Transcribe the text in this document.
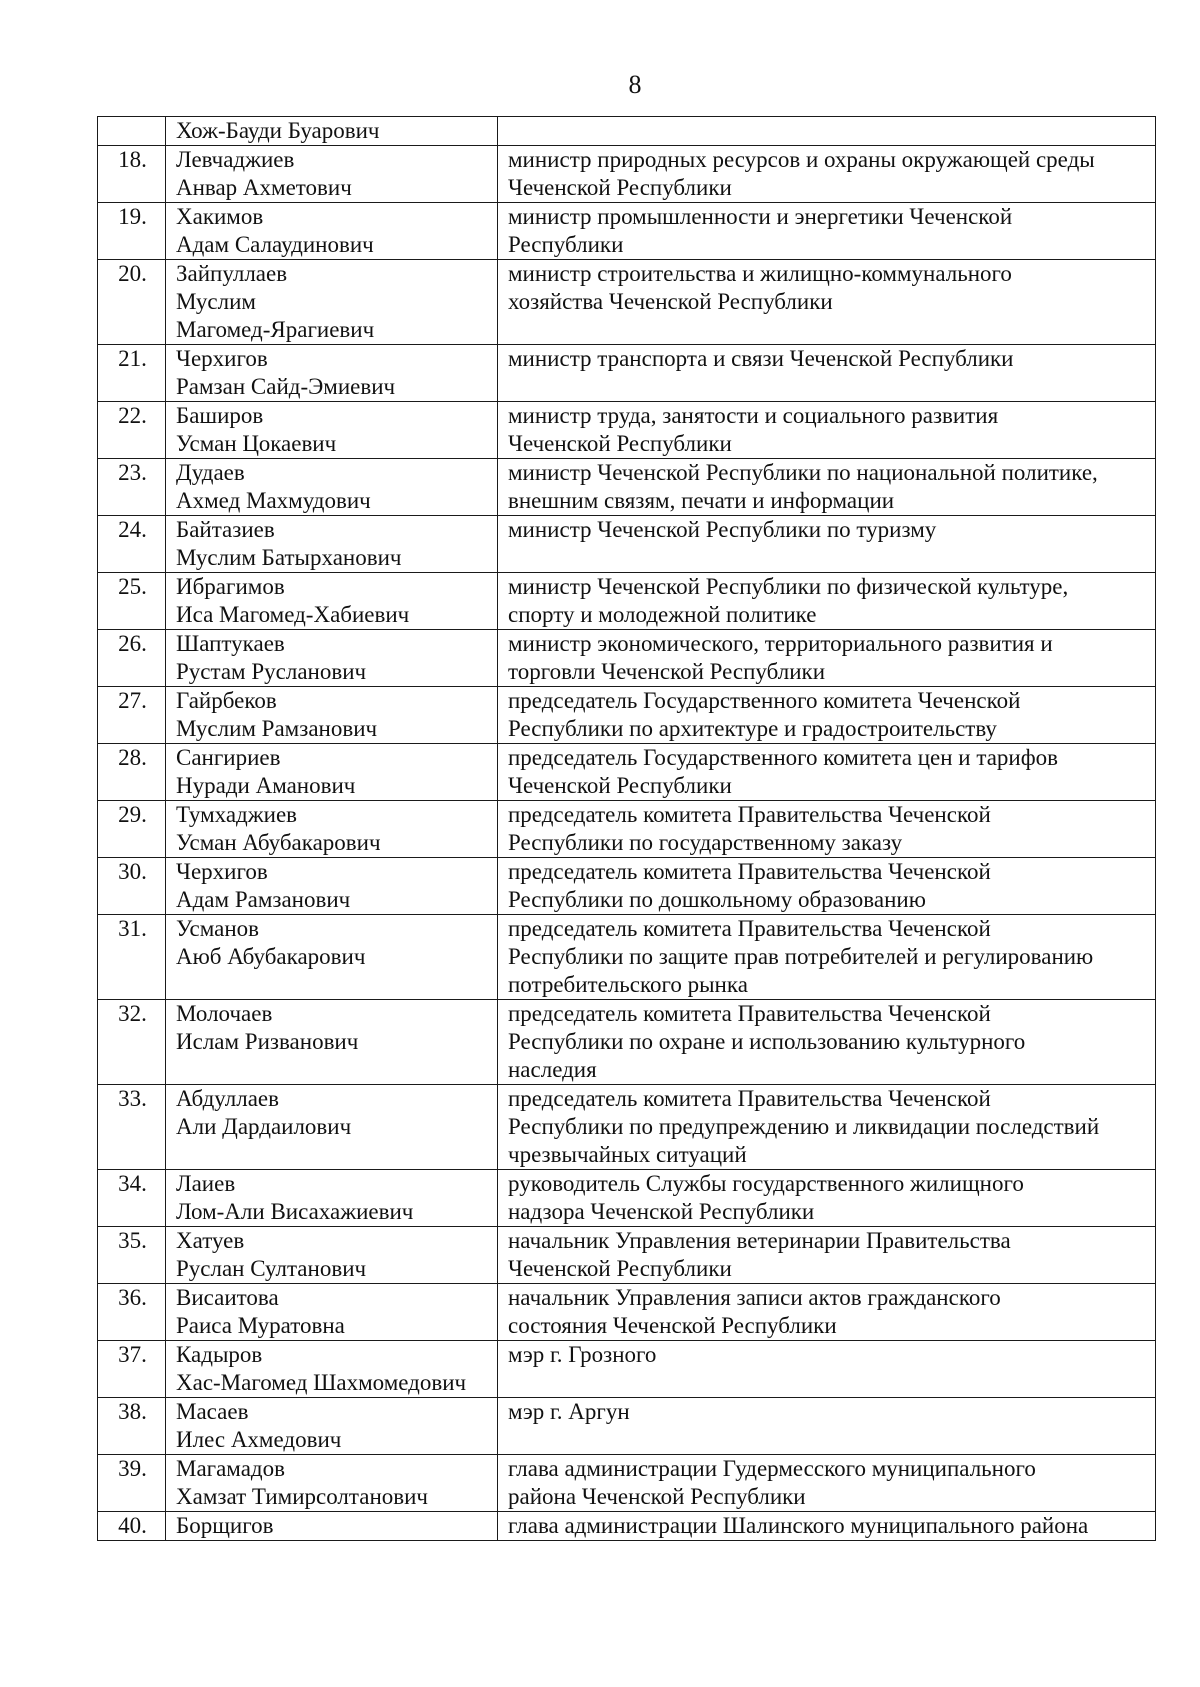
8

	Хож-Бауди Буарович	

18.	Левчаджиев
Анвар Ахметович	министр природных ресурсов и охраны окружающей среды
Чеченской Республики

19.	Хакимов
Адам Салаудинович	министр промышленности и энергетики Чеченской
Республики

20.	Зайпуллаев
Муслим
Магомед-Ярагиевич	министр строительства и жилищно-коммунального
хозяйства Чеченской Республики

21.	Черхигов
Рамзан Сайд-Эмиевич	министр транспорта и связи Чеченской Республики

22.	Баширов
Усман Цокаевич	министр труда, занятости и социального развития
Чеченской Республики

23.	Дудаев
Ахмед Махмудович	министр Чеченской Республики по национальной политике,
внешним связям, печати и информации

24.	Байтазиев
Муслим Батырханович	министр Чеченской Республики по туризму

25.	Ибрагимов
Иса Магомед-Хабиевич	министр Чеченской Республики по физической культуре,
спорту и молодежной политике

26.	Шаптукаев
Рустам Русланович	министр экономического, территориального развития и
торговли Чеченской Республики

27.	Гайрбеков
Муслим Рамзанович	председатель Государственного комитета Чеченской
Республики по архитектуре и градостроительству

28.	Сангириев
Нуради Аманович	председатель Государственного комитета цен и тарифов
Чеченской Республики

29.	Тумхаджиев
Усман Абубакарович	председатель комитета Правительства Чеченской
Республики по государственному заказу

30.	Черхигов
Адам Рамзанович	председатель комитета Правительства Чеченской
Республики по дошкольному образованию

31.	Усманов
Аюб Абубакарович	председатель комитета Правительства Чеченской
Республики по защите прав потребителей и регулированию
потребительского рынка

32.	Молочаев
Ислам Ризванович	председатель комитета Правительства Чеченской
Республики по охране и использованию культурного
наследия

33.	Абдуллаев
Али Дардаилович	председатель комитета Правительства Чеченской
Республики по предупреждению и ликвидации последствий
чрезвычайных ситуаций

34.	Лаиев
Лом-Али Висахажиевич	руководитель Службы государственного жилищного
надзора Чеченской Республики

35.	Хатуев
Руслан Султанович	начальник Управления ветеринарии Правительства
Чеченской Республики

36.	Висаитова
Раиса Муратовна	начальник Управления записи актов гражданского
состояния Чеченской Республики

37.	Кадыров
Хас-Магомед Шахмомедович	мэр г. Грозного

38.	Масаев
Илес Ахмедович	мэр г. Аргун

39.	Магамадов
Хамзат Тимирсолтанович	глава администрации Гудермесского муниципального
района Чеченской Республики

40.	Борщигов	глава администрации Шалинского муниципального района
